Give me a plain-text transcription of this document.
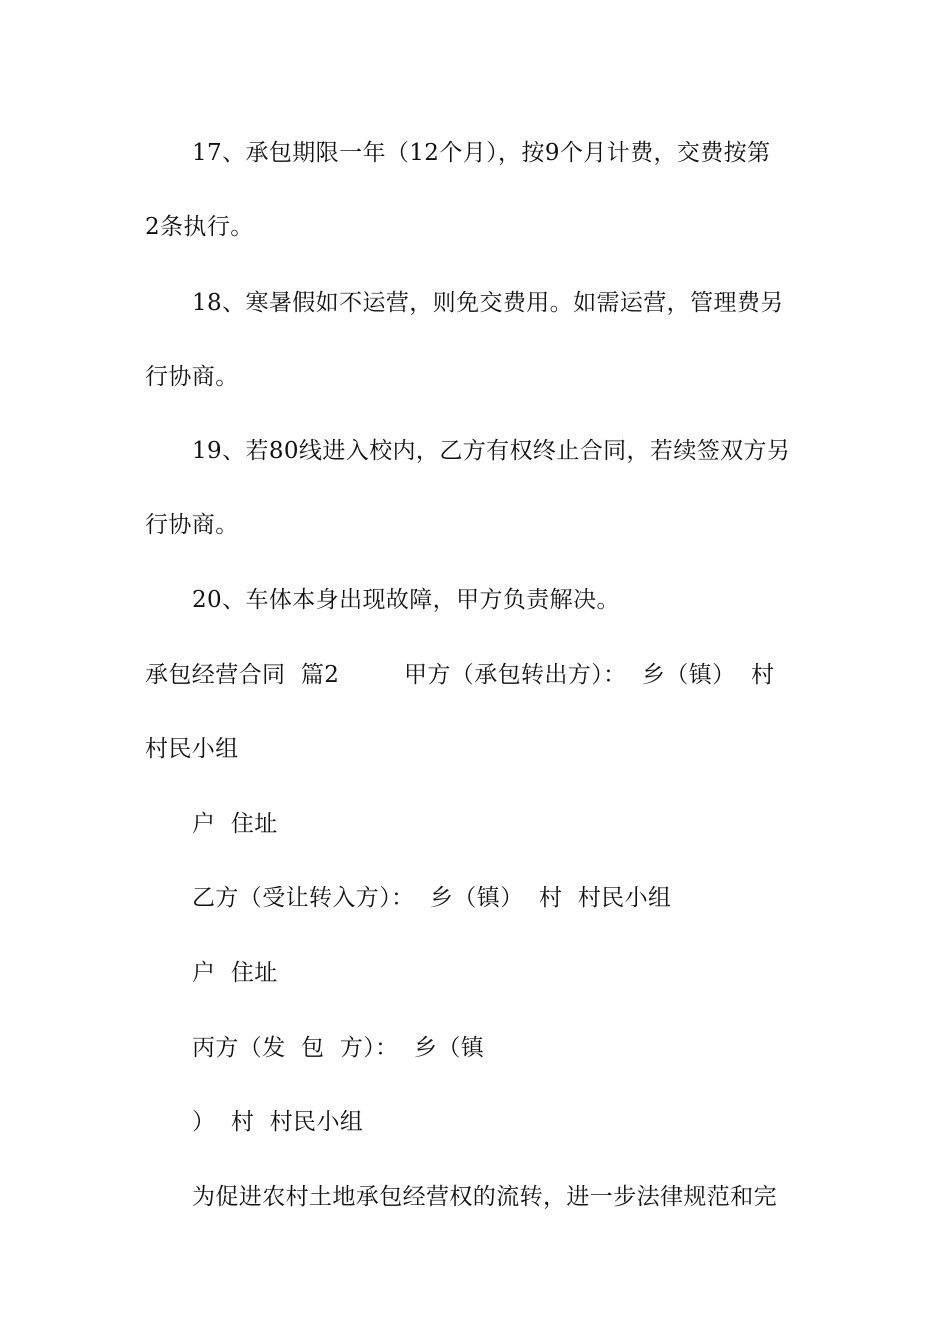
17、承包期限一年（12个月），按9个月计费，交费按第
2条执行。
18、寒暑假如不运营，则免交费用。如需运营，管理费另
行协商。
19、若80线进入校内，乙方有权终止合同，若续签双方另
行协商。
20、车体本身出现故障，甲方负责解决。
承包经营合同  篇2	甲方（承包转出方）：  乡（镇）  村
村民小组
户  住址
乙方（受让转入方）：  乡（镇）  村  村民小组
户  住址
丙方（发  包  方）：  乡（镇
）  村  村民小组
为促进农村土地承包经营权的流转，进一步法律规范和完
